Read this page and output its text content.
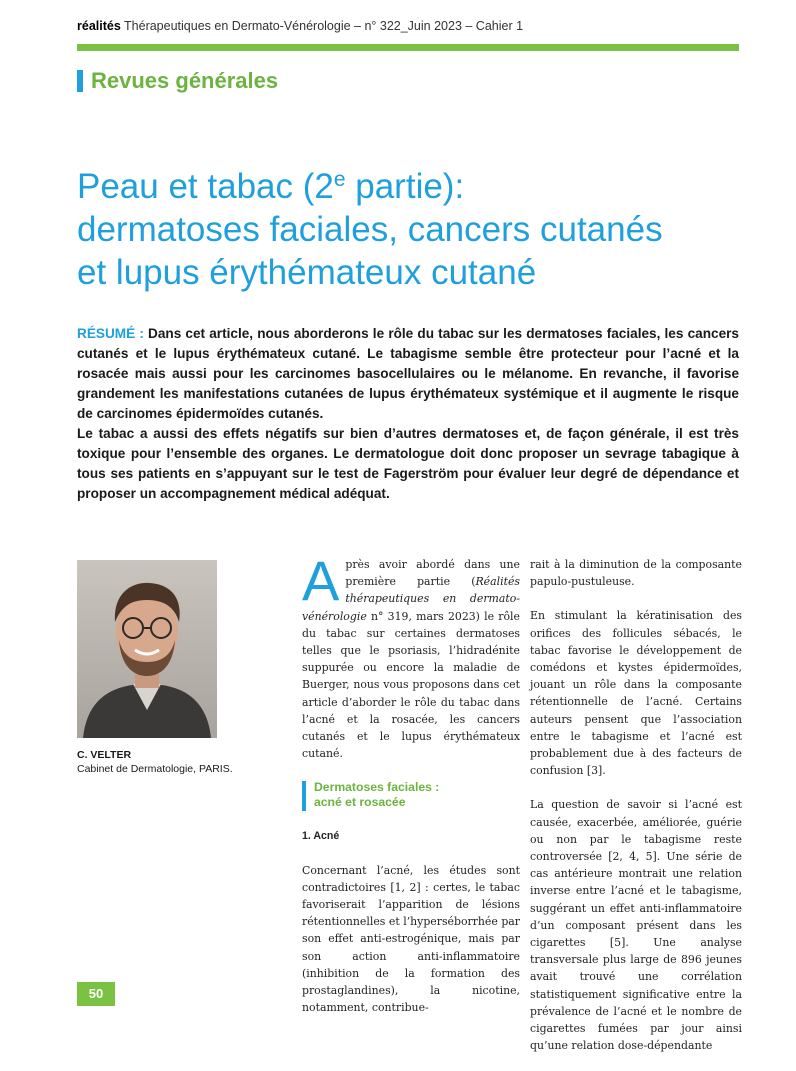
réalités Thérapeutiques en Dermato-Vénérologie – n° 322_Juin 2023 – Cahier 1
Revues générales
Peau et tabac (2e partie):
dermatoses faciales, cancers cutanés
et lupus érythémateux cutané

RÉSUMÉ : Dans cet article, nous aborderons le rôle du tabac sur les dermatoses faciales, les cancers cutanés et le lupus érythémateux cutané. Le tabagisme semble être protecteur pour l’acné et la rosacée mais aussi pour les carcinomes basocellulaires ou le mélanome. En revanche, il favorise grandement les manifestations cutanées de lupus érythémateux systémique et il augmente le risque de carcinomes épidermoïdes cutanés.

Le tabac a aussi des effets négatifs sur bien d’autres dermatoses et, de façon générale, il est très toxique pour l’ensemble des organes. Le dermatologue doit donc proposer un sevrage tabagique à tous ses patients en s’appuyant sur le test de Fagerström pour évaluer leur degré de dépendance et proposer un accompagnement médical adéquat.

C. VELTER
Cabinet de Dermatologie, PARIS.

Après avoir abordé dans une première partie (Réalités thérapeutiques en dermato-vénérologie n° 319, mars 2023) le rôle du tabac sur certaines dermatoses telles que le psoriasis, l’hidradénite suppurée ou encore la maladie de Buerger, nous vous proposons dans cet article d’aborder le rôle du tabac dans l’acné et la rosacée, les cancers cutanés et le lupus érythémateux cutané.

Dermatoses faciales :
acné et rosacée
1. Acné

Concernant l’acné, les études sont contradictoires [1, 2] : certes, le tabac favoriserait l’apparition de lésions rétentionnelles et l’hyperséborrhée par son effet anti-estrogénique, mais par son action anti-inflammatoire (inhibition de la formation des prostaglandines), la nicotine, notamment, contribue-

rait à la diminution de la composante papulo-pustuleuse.

En stimulant la kératinisation des orifices des follicules sébacés, le tabac favorise le développement de comédons et kystes épidermoïdes, jouant un rôle dans la composante rétentionnelle de l’acné. Certains auteurs pensent que l’association entre le tabagisme et l’acné est probablement due à des facteurs de confusion [3].

La question de savoir si l’acné est causée, exacerbée, améliorée, guérie ou non par le tabagisme reste controversée [2, 4, 5]. Une série de cas antérieure montrait une relation inverse entre l’acné et le tabagisme, suggérant un effet anti-inflammatoire d’un composant présent dans les cigarettes [5]. Une analyse transversale plus large de 896 jeunes avait trouvé une corrélation statistiquement significative entre la prévalence de l’acné et le nombre de cigarettes fumées par jour ainsi qu’une relation dose-dépendante

50
